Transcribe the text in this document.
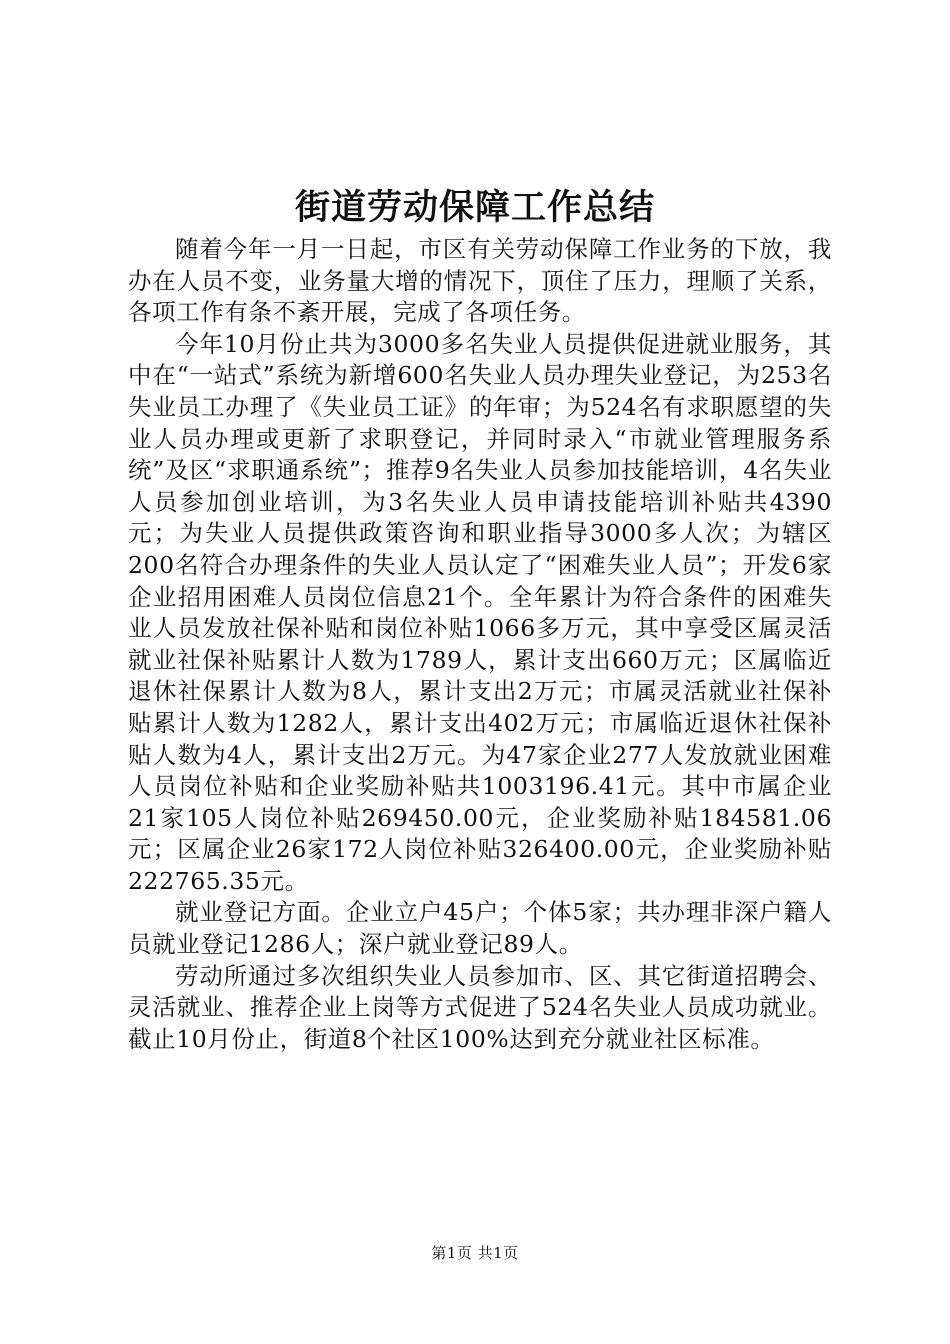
街道劳动保障工作总结

随着今年一月一日起，市区有关劳动保障工作业务的下放，我办在人员不变，业务量大增的情况下，顶住了压力，理顺了关系，各项工作有条不紊开展，完成了各项任务。

今年10月份止共为3000多名失业人员提供促进就业服务，其中在“一站式”系统为新增600名失业人员办理失业登记，为253名失业员工办理了《失业员工证》的年审；为524名有求职愿望的失业人员办理或更新了求职登记，并同时录入“市就业管理服务系统”及区“求职通系统”；推荐9名失业人员参加技能培训，4名失业人员参加创业培训，为3名失业人员申请技能培训补贴共4390元；为失业人员提供政策咨询和职业指导3000多人次；为辖区200名符合办理条件的失业人员认定了“困难失业人员”；开发6家企业招用困难人员岗位信息21个。全年累计为符合条件的困难失业人员发放社保补贴和岗位补贴1066多万元，其中享受区属灵活就业社保补贴累计人数为1789人，累计支出660万元；区属临近退休社保累计人数为8人，累计支出2万元；市属灵活就业社保补贴累计人数为1282人，累计支出402万元；市属临近退休社保补贴人数为4人，累计支出2万元。为47家企业277人发放就业困难人员岗位补贴和企业奖励补贴共1003196.41元。其中市属企业21家105人岗位补贴269450.00元，企业奖励补贴184581.06元；区属企业26家172人岗位补贴326400.00元，企业奖励补贴222765.35元。

就业登记方面。企业立户45户；个体5家；共办理非深户籍人员就业登记1286人；深户就业登记89人。

劳动所通过多次组织失业人员参加市、区、其它街道招聘会、灵活就业、推荐企业上岗等方式促进了524名失业人员成功就业。截止10月份止，街道8个社区100%达到充分就业社区标准。

第1页 共1页
